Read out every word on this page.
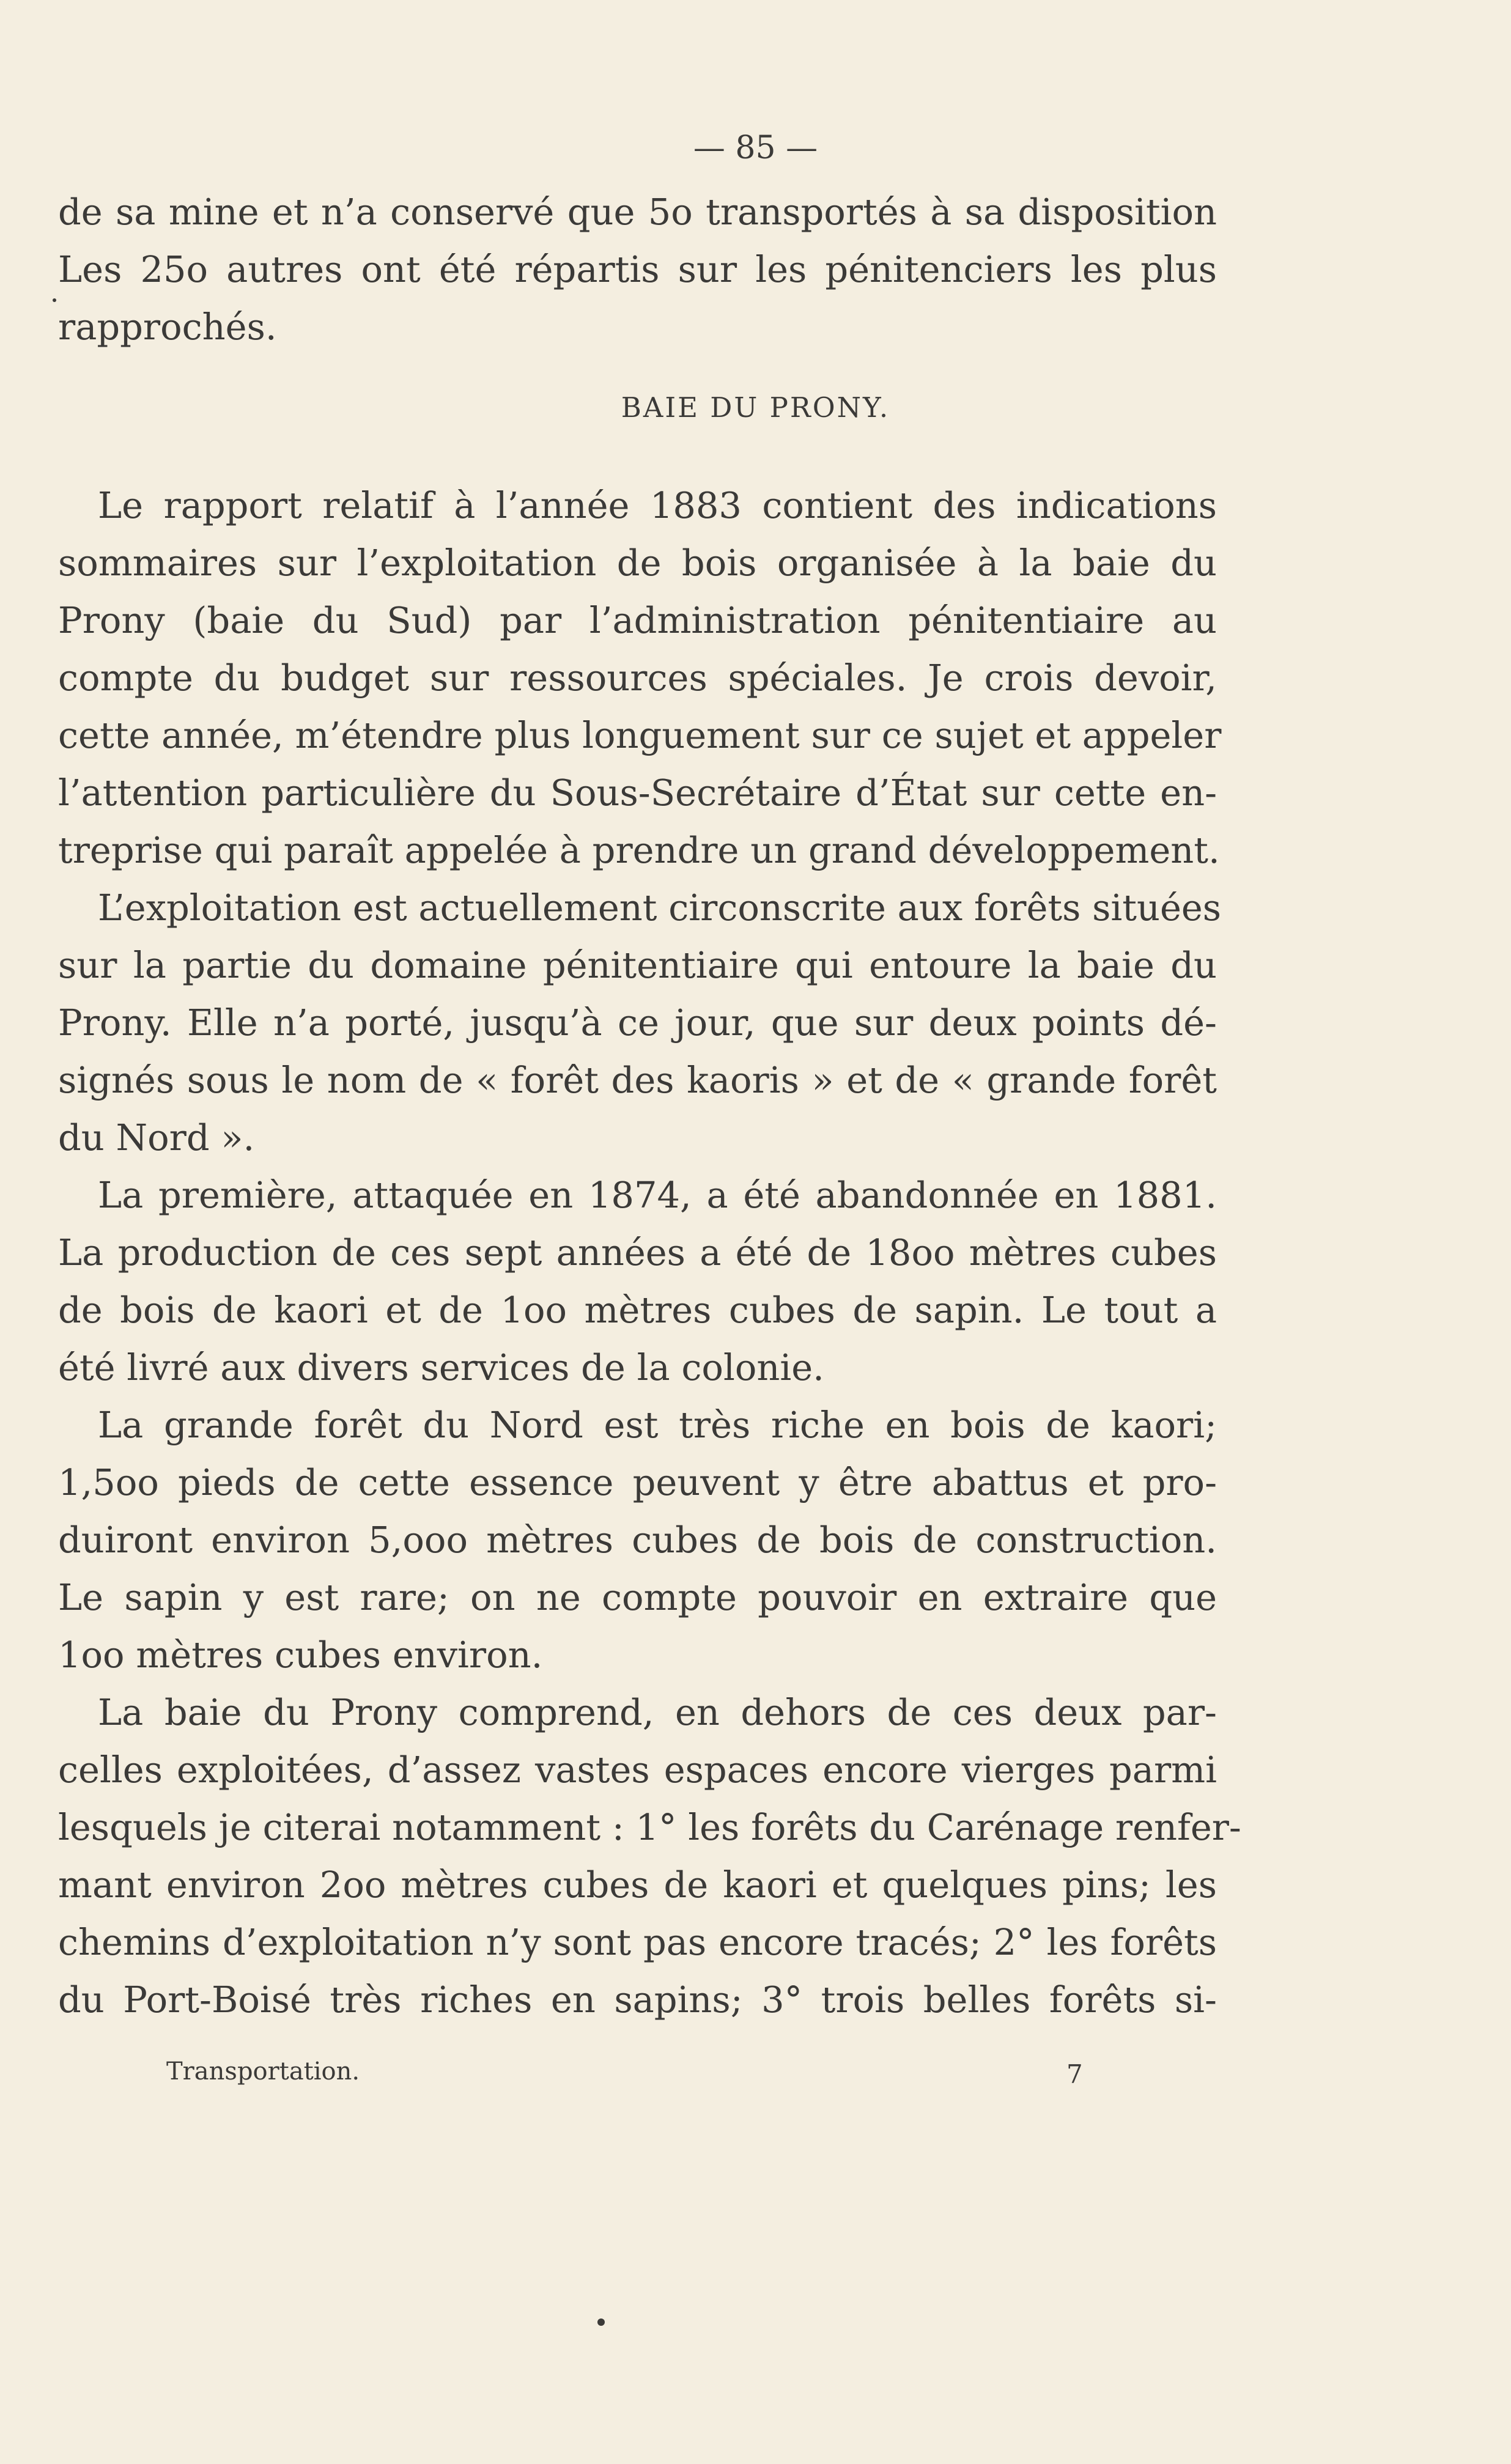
— 85 —
de sa mine et n’a conservé que 5o transportés à sa disposition
Les 25o autres ont été répartis sur les pénitenciers les plus
rapprochés.
BAIE DU PRONY.
Le rapport relatif à l’année 1883 contient des indications
sommaires sur l’exploitation de bois organisée à la baie du
Prony (baie du Sud) par l’administration pénitentiaire au
compte du budget sur ressources spéciales. Je crois devoir,
cette année, m’étendre plus longuement sur ce sujet et appeler
l’attention particulière du Sous-Secrétaire d’État sur cette en-
treprise qui paraît appelée à prendre un grand développement.
L’exploitation est actuellement circonscrite aux forêts situées
sur la partie du domaine pénitentiaire qui entoure la baie du
Prony. Elle n’a porté, jusqu’à ce jour, que sur deux points dé-
signés sous le nom de « forêt des kaoris » et de « grande forêt
du Nord ».
La première, attaquée en 1874, a été abandonnée en 1881.
La production de ces sept années a été de 18oo mètres cubes
de bois de kaori et de 1oo mètres cubes de sapin. Le tout a
été livré aux divers services de la colonie.
La grande forêt du Nord est très riche en bois de kaori;
1,5oo pieds de cette essence peuvent y être abattus et pro-
duiront environ 5,ooo mètres cubes de bois de construction.
Le sapin y est rare; on ne compte pouvoir en extraire que
1oo mètres cubes environ.
La baie du Prony comprend, en dehors de ces deux par-
celles exploitées, d’assez vastes espaces encore vierges parmi
lesquels je citerai notamment : 1° les forêts du Carénage renfer-
mant environ 2oo mètres cubes de kaori et quelques pins; les
chemins d’exploitation n’y sont pas encore tracés; 2° les forêts
du Port-Boisé très riches en sapins; 3° trois belles forêts si-
Transportation.	7
